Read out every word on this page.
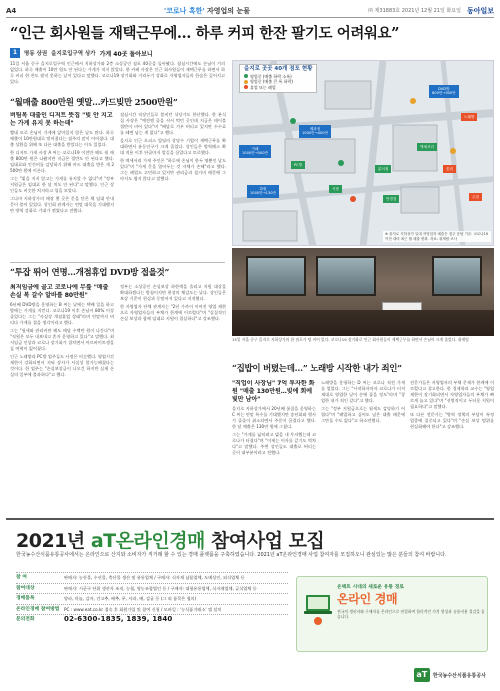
A4	'코로나 혹한' 자영업의 눈물	㈜ 제31883호 2021년 12월 21일 화요일 동아일보
“인근 회사원들 재택근무에… 하루 커피 한잔 팔기도 어려워요”
1	명동 상권 을지로입구역 상가 가게 40곳 돌아보니

11일 서울 중구 을지로입구역 인근에서 지하상가와 2층 소상공인 점포 40곳을 돌아봤다. 점심시간에도 손님이 거의 없었다. 하루 매출이 10만 원도 안 된다는 가게가 적지 않았다. 한 카페 사장은 인근 회사원들이 재택근무를 하면서 하루 커피 한 잔도 팔지 못하는 날이 있다고 말했다. 코로나19 장기화와 거리두기 강화로 자영업자들의 한숨은 깊어지고 있다.

“월매출 800만원 옛말…카드빚만 2500만원”
버팀목 대출인 디저트 뜻집 "빚 안 지고는 가게 유지 못 하는데"

빨대 모로 손님이 가게에 앉아있지 않은 날도 많다. 하루 매출이 10만원대로 떨어졌다는 점주의 말이 이어졌다. 대출 상환을 위해 또 다른 대출을 받았다는 이도 있었다.

한 디저트 가게 사장 A 씨는 코로나19 이전만 해도 월 매출 800만 원은 나왔지만 지금은 절반도 안 된다고 했다. 임대료와 인건비를 감당하기 위해 카드 대출을 받은 게 2500만 원에 이른다.

그는 "빚을 지지 않고는 가게를 유지할 수 없다"며 "정부 지원금은 임대료 한 달 치도 안 된다"고 말했다. 인근 상인들도 비슷한 처지라고 입을 모았다.

그나마 지하상가의 매장 몇 곳은 문을 닫은 채 임대 안내문이 붙어 있었다. 상인회 관계자는 연말 대목을 기대했지만 방역 강화로 기대가 꺾였다고 전했다.

점심시간 직장인들로 붐비던 식당가도 한산했다. 한 분식집 사장은 "예전엔 줄을 서서 먹던 곳인데 지금은 테이블 절반이 비어 있다"며 "배달로 겨우 버티고 있지만 수수료를 떼면 남는 게 없다"고 했다.

을지로 인근 오피스 빌딩의 상당수 기업이 재택근무를 확대하면서 유동인구가 크게 줄었다. 상인들은 방역패스 확대 적용 이후 단골마저 발길을 끊었다고 토로했다.

한 액세서리 가게 주인은 "하루에 손님이 한두 명뿐인 날도 있다"며 "가게 문을 열어두는 것 자체가 손해"라고 했다. 그는 폐업도 고민하고 있지만 권리금과 철거비 때문에 그마저도 쉽지 않다고 말했다.

“투잡 뛰어 연명…개점휴업 DVD방 접을것”
최저임금에 골고 코로나에 무릎 "매출 손실 복 갈수 알바를 80만원"

6년째 DVD방을 운영하는 B 씨는 낮에는 택배 일을 하고 밤에는 가게를 지킨다. 코로나19 이후 손님이 80% 이상 줄었다는 그는 "사실상 개점휴업 상태"라며 연말까지 버티다 가게를 접을 생각이라고 했다.

그는 "월세와 관리비만 해도 매달 수백만 원이 나간다"며 "직원은 모두 내보내고 혼자 운영하고 있다"고 말했다. 최저임금 인상과 코로나 장기화가 겹치면서 아르바이트생을 둘 여력이 없어졌다.

인근 노래방과 PC방 업주들도 사정은 비슷했다. 영업시간 제한이 강화되면서 저녁 장사가 사실상 불가능해졌다는 것이다. 한 업주는 "손실보상금이 나오긴 하지만 실제 손실의 일부에 불과하다"고 했다.

정부는 소상공인 손실보상 하한액을 올리고 지원 대상을 확대하겠다는 방침이지만 현장의 체감도는 낮다. 상인들은 보상 기준이 현실과 동떨어져 있다고 지적했다.

한 자영업자 단체 관계자는 "2년 가까이 이어진 영업 제한으로 자영업자들의 부채가 한계에 이르렀다"며 "실질적인 손실 보상과 함께 임대료 지원이 절실하다"고 강조했다.

을지로 곳곳 40개 점포 현황
영업중 (매출 하락 소폭)
영업중 (매출 큰 폭 하락)
휴업 또는 폐업
카페
1000만→500만
제과점
1000만→400만
분식집
액세서리
DVD방
800만→300만
노래방
화원
1000만→130만
식당
안경점
꽃집
주점
PC방
※ 을지로 지하상가 일대 자영업자 매출은 점주 응답 기준. 코로나19 이전 대비 최근 월 매출 변화. 자료: 취재팀 조사
15일 서울 중구 을지로 지하상가의 한 점포가 텅 비어 있다. 코로나19 장기화로 인근 회사원들이 재택근무를 하면서 손님이 크게 줄었다. 취재팀
“집밥이 버텼는데…” 노래방 시작한 내가 죄인”
"직업이 사장님" 7억 투자한 화원 "매출 130만원…빚에 회에 빛만 남아"

을지로 지하상가에서 20년째 꽃집을 운영하는 C 씨는 연말 특수를 기대했지만 송년회와 행사가 줄줄이 취소되면서 주문이 끊겼다고 했다. 한 달 매출은 130만 원에 그쳤다.

그는 "가게를 넓히려고 빚을 내 투자했는데 코로나가 터졌다"며 "이제는 이자를 갚기도 벅차다"고 말했다. 주변 상인들도 대출로 버티는 곳이 대부분이라고 전했다.

노래방을 운영하는 D 씨는 코로나 직전 가게를 열었다. 그는 "시작하자마자 코로나가 터져 제대로 영업한 날이 손에 꼽을 정도"라며 "창업한 내가 죄인 같다"고 했다.

그는 "정부 지원금으로는 월세도 감당하기 어렵다"며 "폐업하고 싶어도 남은 대출 때문에 그만둘 수도 없다"고 하소연했다.

전문가들은 자영업자의 부채 문제가 한계에 이르렀다고 경고한다. 한 경제학과 교수는 "영업 제한이 장기화되면서 자영업자들의 부채가 빠르게 늘고 있다"며 "선별적이고 두터운 지원이 필요하다"고 말했다.

또 다른 전문가는 "방역 정책의 부담이 특정 업종에 집중되고 있다"며 "손실 보상 범위를 현실화해야 한다"고 강조했다.

2021년 aT온라인경매 참여사업 모집
한국농수산식품유통공사에서는 온라인으로 산지와 소비자가 직거래 할 수 있는 경매 플랫폼을 구축하였습니다. 2021년 aT온라인경매 사업 참여자를 모집하오니 관심있는 많은 분들의 참여 바랍니다.
참 여	판매자: 농산물, 수산물, 축산물 생산 및 유통업체 / 구매자: 식자재 납품업체, 도매상인, 외식업체 등
참여대상	판매자: 시군구 단위 생산자 조직, 농협, 영농조합법인 등 / 구매자: 대형유통업체, 식자재업체, 급식업체 등
경매품목	양파, 마늘, 감자, 건고추, 배추, 무, 사과, 배, 감귤 등 (그 외 품목은 협의)
온라인경매 참여방법	PC : www.eat.co.kr 접속 후 회원가입 및 참여 신청 / 모바일 : '농식품거래소' 앱 설치
문의전화	02-6300-1835, 1839, 1840
온택트 시대의 새로운 유통 경로
온라인 경매
전국의 생산자와 구매자를 온라인으로 연결하여 합리적인 가격 형성과 유통비용 절감을 돕습니다.
aT	한국농수산식품유통공사
